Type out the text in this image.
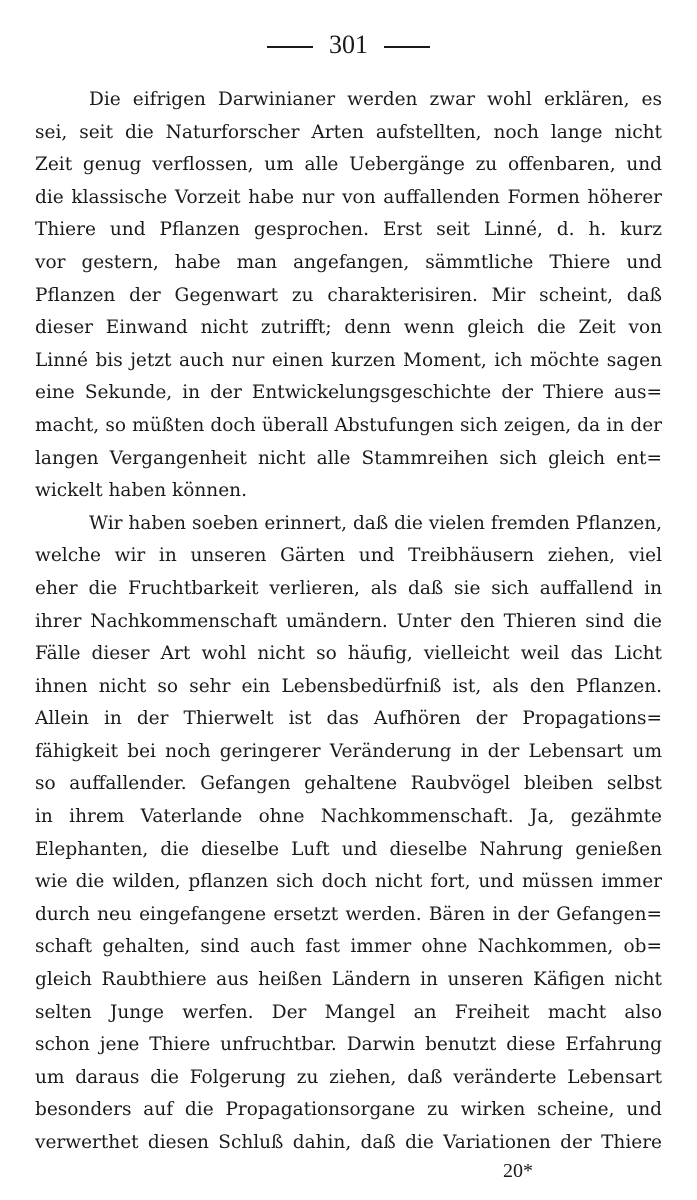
301
Die eifrigen Darwinianer werden zwar wohl erklären, es
sei, seit die Naturforscher Arten aufstellten, noch lange nicht
Zeit genug verflossen, um alle Uebergänge zu offenbaren, und
die klassische Vorzeit habe nur von auffallenden Formen höherer
Thiere und Pflanzen gesprochen. Erst seit Linné, d. h. kurz
vor gestern, habe man angefangen, sämmtliche Thiere und
Pflanzen der Gegenwart zu charakterisiren. Mir scheint, daß
dieser Einwand nicht zutrifft; denn wenn gleich die Zeit von
Linné bis jetzt auch nur einen kurzen Moment, ich möchte sagen
eine Sekunde, in der Entwickelungsgeschichte der Thiere aus=
macht, so müßten doch überall Abstufungen sich zeigen, da in der
langen Vergangenheit nicht alle Stammreihen sich gleich ent=
wickelt haben können.
Wir haben soeben erinnert, daß die vielen fremden Pflanzen,
welche wir in unseren Gärten und Treibhäusern ziehen, viel
eher die Fruchtbarkeit verlieren, als daß sie sich auffallend in
ihrer Nachkommenschaft umändern. Unter den Thieren sind die
Fälle dieser Art wohl nicht so häufig, vielleicht weil das Licht
ihnen nicht so sehr ein Lebensbedürfniß ist, als den Pflanzen.
Allein in der Thierwelt ist das Aufhören der Propagations=
fähigkeit bei noch geringerer Veränderung in der Lebensart um
so auffallender. Gefangen gehaltene Raubvögel bleiben selbst
in ihrem Vaterlande ohne Nachkommenschaft. Ja, gezähmte
Elephanten, die dieselbe Luft und dieselbe Nahrung genießen
wie die wilden, pflanzen sich doch nicht fort, und müssen immer
durch neu eingefangene ersetzt werden. Bären in der Gefangen=
schaft gehalten, sind auch fast immer ohne Nachkommen, ob=
gleich Raubthiere aus heißen Ländern in unseren Käfigen nicht
selten Junge werfen. Der Mangel an Freiheit macht also
schon jene Thiere unfruchtbar. Darwin benutzt diese Erfahrung
um daraus die Folgerung zu ziehen, daß veränderte Lebensart
besonders auf die Propagationsorgane zu wirken scheine, und
verwerthet diesen Schluß dahin, daß die Variationen der Thiere
20*
